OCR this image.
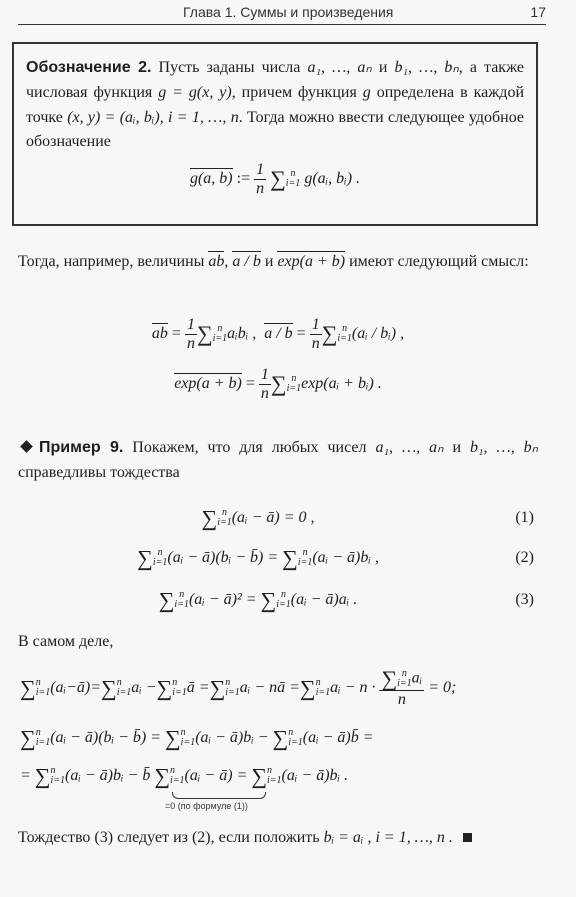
Глава 1. Суммы и произведения	17

Обозначение 2. Пусть заданы числа a₁, …, aₙ и b₁, …, bₙ, а также числовая функция g = g(x, y), причем функция g определена в каждой точке (x, y) = (aᵢ, bᵢ), i = 1, …, n. Тогда можно ввести следующее удобное обозначение

g(a, b) := $\frac{1}{n}$ ∑ n
i=1 g(aᵢ, bᵢ) .

Тогда, например, величины ab, a / b и exp(a + b) имеют следующий смысл:

ab = $\frac{1}{n}$ ∑ n
i=1 aᵢbᵢ , $a / b = \frac{1}{n}$ ∑ n
i=1 (aᵢ / bᵢ) ,
$\exp(a + b) = \frac{1}{n}$ ∑ n
i=1 exp(aᵢ + bᵢ) .

Пример 9. Покажем, что для любых чисел a₁, …, aₙ и b₁, …, bₙ справедливы тождества

∑ n
i=1 (aᵢ − ā) = 0 ,	(1)
∑ n
i=1 (aᵢ − ā)(bᵢ − b̄) = ∑ n
i=1 (aᵢ − ā)bᵢ ,	(2)
∑ n
i=1 (aᵢ − ā)² = ∑ n
i=1 (aᵢ − ā)aᵢ .	(3)
В самом деле,
∑ n
i=1 (aᵢ−ā)=∑ n
i=1 aᵢ −∑ n
i=1 ā =∑ n
i=1 aᵢ − nā =∑ n
i=1 aᵢ − n · ∑ n
i=1 aᵢ
n = 0;
∑ n
i=1 (aᵢ − ā)(bᵢ − b̄) = ∑ n
i=1 (aᵢ − ā)bᵢ − ∑ n
i=1 (aᵢ − ā)b̄ =
= ∑ n
i=1 (aᵢ − ā)bᵢ − b̄ ∑ n
i=1 (aᵢ − ā) = ∑ n
i=1 (aᵢ − ā)bᵢ .
=0 (по формуле (1))
Тождество (3) следует из (2), если положить bᵢ = aᵢ , i = 1, …, n .
